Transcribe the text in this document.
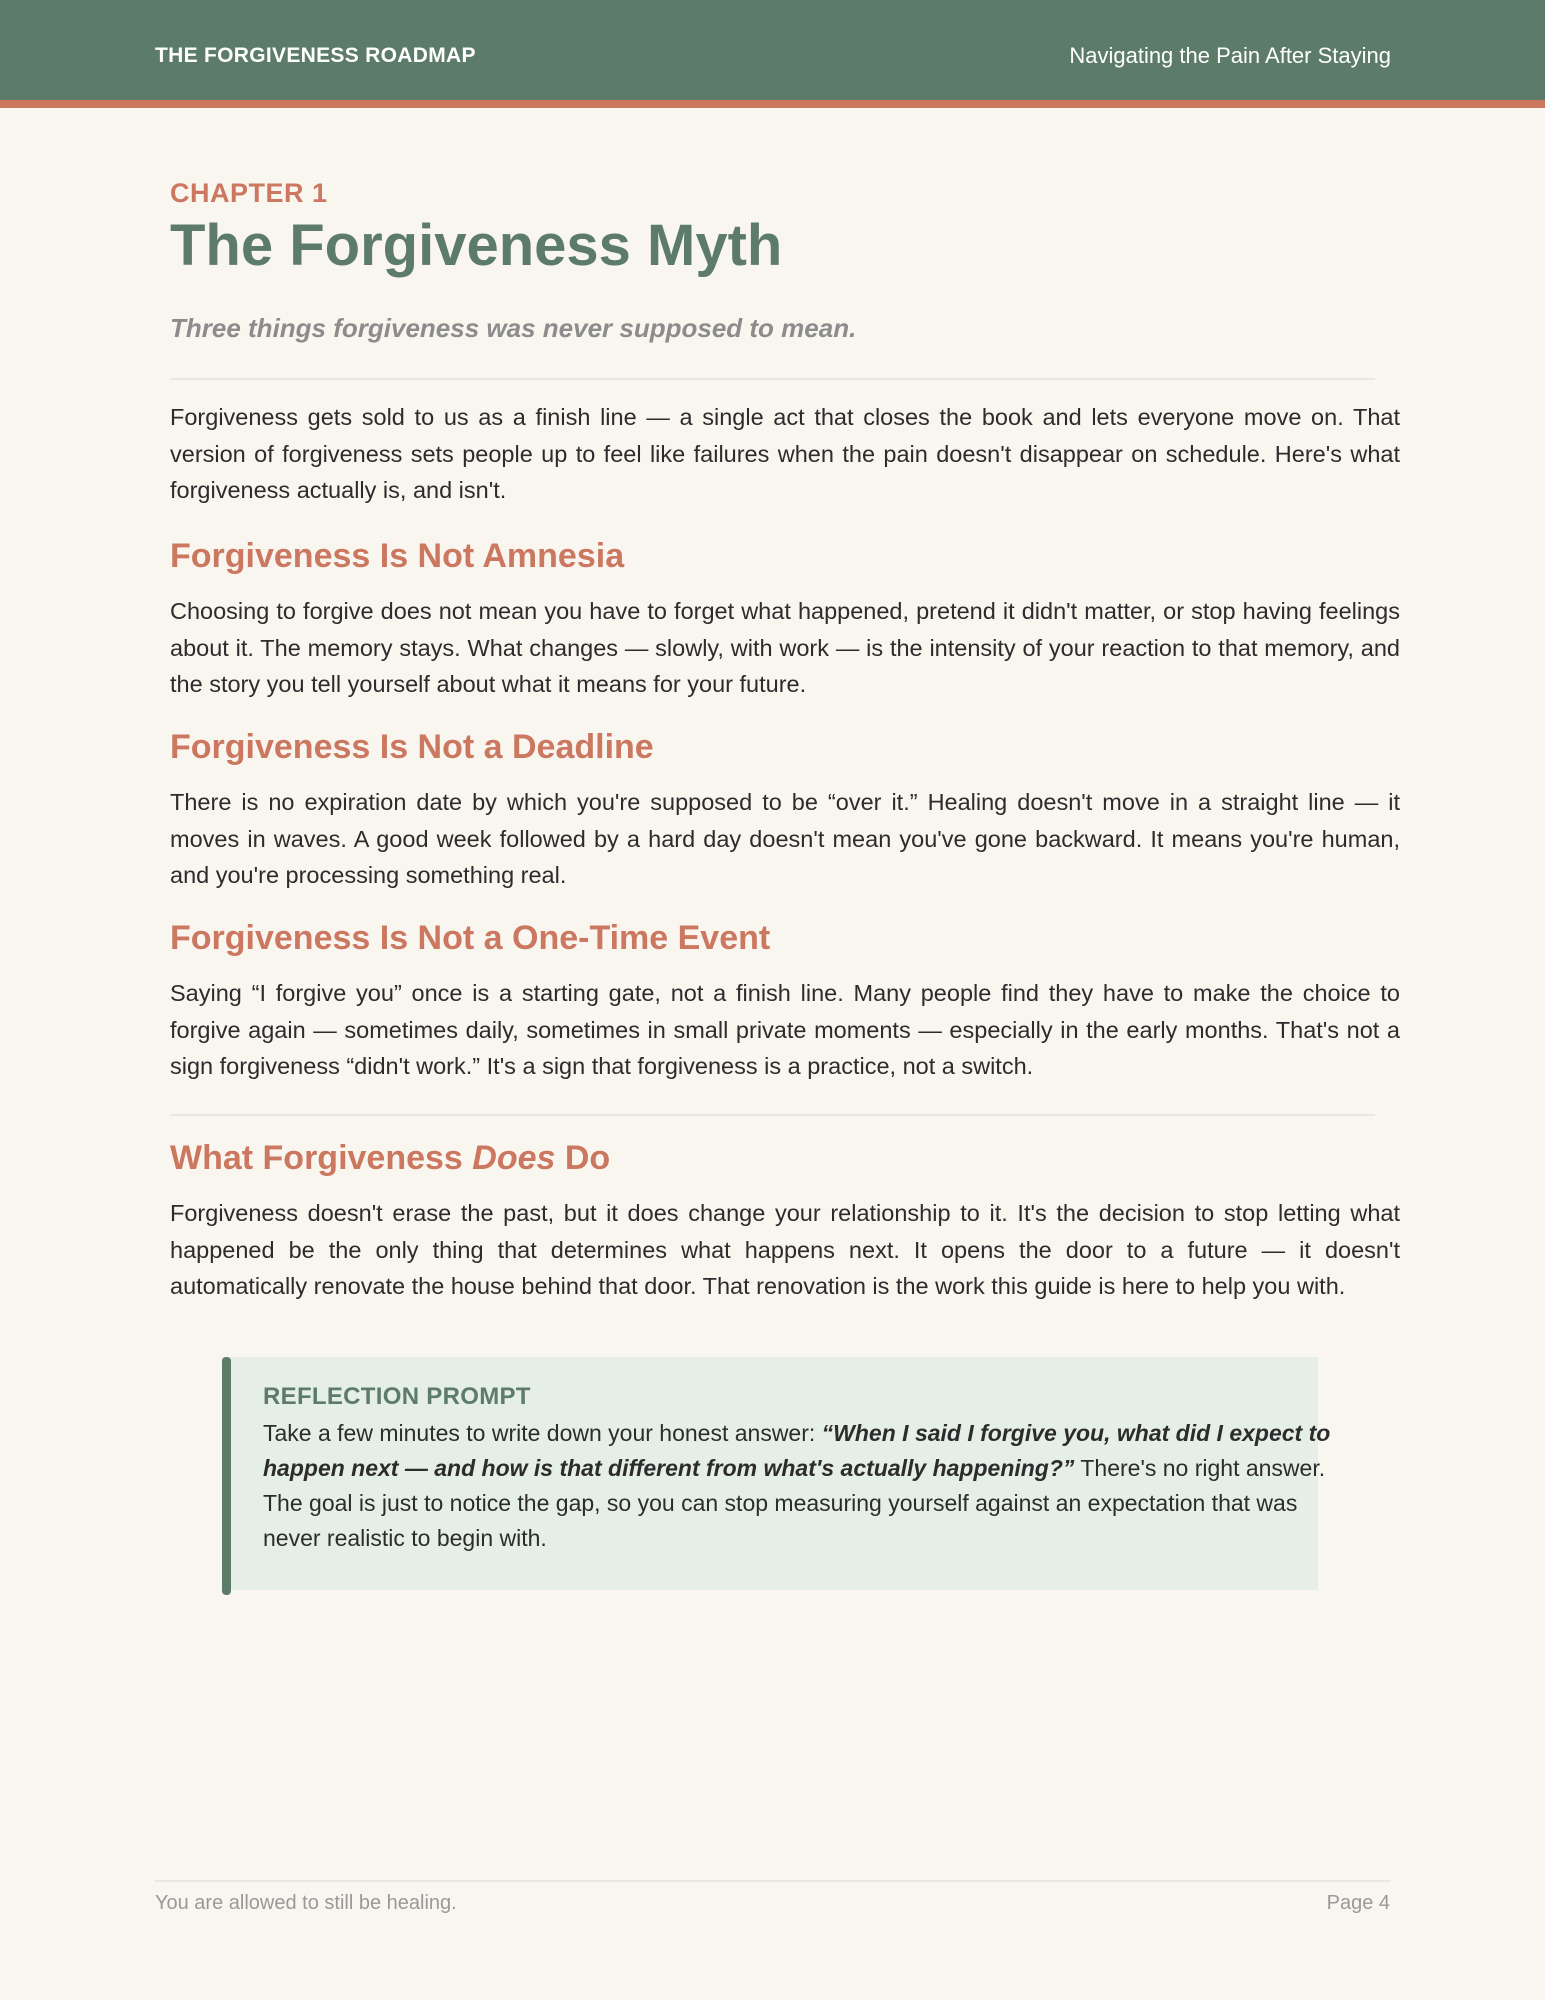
THE FORGIVENESS ROADMAP	Navigating the Pain After Staying
CHAPTER 1
The Forgiveness Myth
Three things forgiveness was never supposed to mean.

Forgiveness gets sold to us as a finish line — a single act that closes the book and lets everyone move on. That version of forgiveness sets people up to feel like failures when the pain doesn't disappear on schedule. Here's what forgiveness actually is, and isn't.

Forgiveness Is Not Amnesia

Choosing to forgive does not mean you have to forget what happened, pretend it didn't matter, or stop having feelings about it. The memory stays. What changes — slowly, with work — is the intensity of your reaction to that memory, and the story you tell yourself about what it means for your future.

Forgiveness Is Not a Deadline

There is no expiration date by which you're supposed to be “over it.” Healing doesn't move in a straight line — it moves in waves. A good week followed by a hard day doesn't mean you've gone backward. It means you're human, and you're processing something real.

Forgiveness Is Not a One-Time Event

Saying “I forgive you” once is a starting gate, not a finish line. Many people find they have to make the choice to forgive again — sometimes daily, sometimes in small private moments — especially in the early months. That's not a sign forgiveness “didn't work.” It's a sign that forgiveness is a practice, not a switch.

What Forgiveness Does Do

Forgiveness doesn't erase the past, but it does change your relationship to it. It's the decision to stop letting what happened be the only thing that determines what happens next. It opens the door to a future — it doesn't automatically renovate the house behind that door. That renovation is the work this guide is here to help you with.

REFLECTION PROMPT

Take a few minutes to write down your honest answer: “When I said I forgive you, what did I expect to happen next — and how is that different from what's actually happening?” There's no right answer. The goal is just to notice the gap, so you can stop measuring yourself against an expectation that was never realistic to begin with.

You are allowed to still be healing.	Page 4
